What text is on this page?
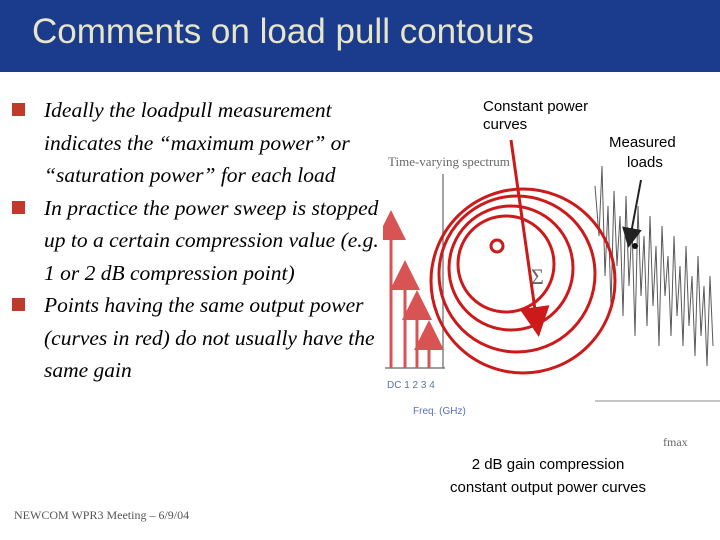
Comments on load pull contours
Ideally the loadpull measurement indicates the “maximum power” or “saturation power” for each load
In practice the power sweep is stopped up to a certain compression value (e.g. 1 or 2 dB compression point)
Points having the same output power (curves in red) do not usually have the same gain
NEWCOM WPR3 Meeting – 6/9/04
Time-varying spectrum
DC 1 2 3 4
Freq. (GHz)
fmax
Σ
Constant power
curves
Measured
loads
2 dB gain compression
constant output power curves
